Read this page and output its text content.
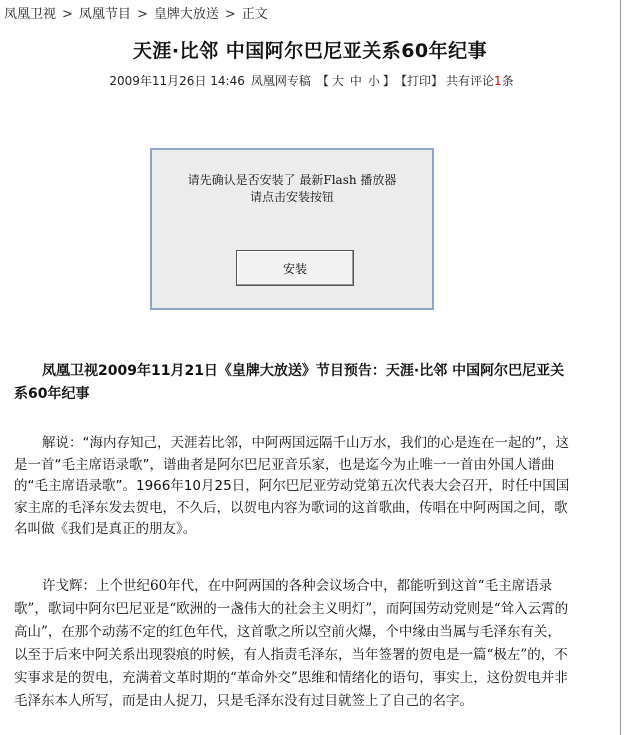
凤凰卫视 > 凤凰节目 > 皇牌大放送 > 正文
天涯·比邻 中国阿尔巴尼亚关系60年纪事
2009年11月26日 14:46 凤凰网专稿 【 大 中 小 】 【打印】 共有评论1条
请先确认是否安装了 最新Flash 播放器
请点击安装按钮
安装

凤凰卫视2009年11月21日《皇牌大放送》节目预告：天涯·比邻 中国阿尔巴尼亚关系60年纪事

解说：“海内存知己，天涯若比邻，中阿两国远隔千山万水，我们的心是连在一起的”，这是一首“毛主席语录歌”，谱曲者是阿尔巴尼亚音乐家，也是迄今为止唯一一首由外国人谱曲的“毛主席语录歌”。1966年10月25日，阿尔巴尼亚劳动党第五次代表大会召开，时任中国国家主席的毛泽东发去贺电，不久后，以贺电内容为歌词的这首歌曲，传唱在中阿两国之间，歌名叫做《我们是真正的朋友》。

许戈辉：上个世纪60年代，在中阿两国的各种会议场合中，都能听到这首“毛主席语录歌”，歌词中阿尔巴尼亚是“欧洲的一盏伟大的社会主义明灯”，而阿国劳动党则是“耸入云霄的高山”，在那个动荡不定的红色年代，这首歌之所以空前火爆，个中缘由当属与毛泽东有关，以至于后来中阿关系出现裂痕的时候，有人指责毛泽东，当年签署的贺电是一篇“极左”的，不实事求是的贺电，充满着文革时期的“革命外交”思维和情绪化的语句，事实上，这份贺电并非毛泽东本人所写，而是由人捉刀，只是毛泽东没有过目就签上了自己的名字。
